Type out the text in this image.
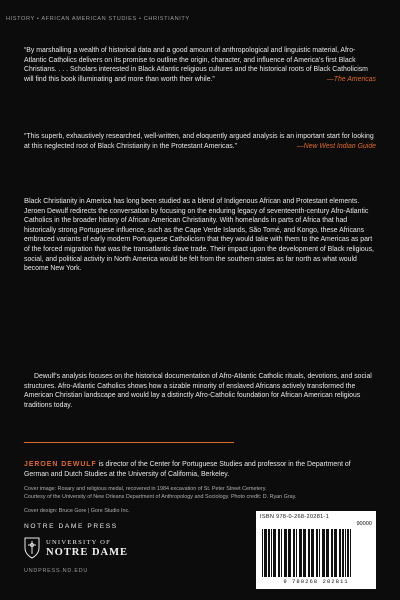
HISTORY • AFRICAN AMERICAN STUDIES • CHRISTIANITY
“By marshalling a wealth of historical data and a good amount of anthropological and linguistic material, Afro-Atlantic Catholics delivers on its promise to outline the origin, character, and influence of America’s first Black Christians. . . . Scholars interested in Black Atlantic religious cultures and the historical roots of Black Catholicism will find this book illuminating and more than worth their while.”	—The Americas
“This superb, exhaustively researched, well-written, and eloquently argued analysis is an important start for looking at this neglected root of Black Christianity in the Protestant Americas.”	—New West Indian Guide
Black Christianity in America has long been studied as a blend of Indigenous African and Protestant elements. Jeroen Dewulf redirects the conversation by focusing on the enduring legacy of seventeenth-century Afro-Atlantic Catholics in the broader history of African American Christianity. With homelands in parts of Africa that had historically strong Portuguese influence, such as the Cape Verde Islands, São Tomé, and Kongo, these Africans embraced variants of early modern Portuguese Catholicism that they would take with them to the Americas as part of the forced migration that was the transatlantic slave trade. Their impact upon the development of Black religious, social, and political activity in North America would be felt from the southern states as far north as what would become New York.
Dewulf’s analysis focuses on the historical documentation of Afro-Atlantic Catholic rituals, devotions, and social structures. Afro-Atlantic Catholics shows how a sizable minority of enslaved Africans actively transformed the American Christian landscape and would lay a distinctly Afro-Catholic foundation for African American religious traditions today.
JEROEN DEWULF is director of the Center for Portuguese Studies and professor in the Department of German and Dutch Studies at the University of California, Berkeley.
Cover image: Rosary and religious medal, recovered in 1984 excavation of St. Peter Street Cemetery.
Courtesy of the University of New Orleans Department of Anthropology and Sociology. Photo credit: D. Ryan Gray.
Cover design: Bruce Gore | Gore Studio Inc.
NOTRE DAME PRESS
UNIVERSITY OF
NOTRE DAME
UNDPRESS.ND.EDU
ISBN 978-0-268-20281-1
90000
9 780268 202811
